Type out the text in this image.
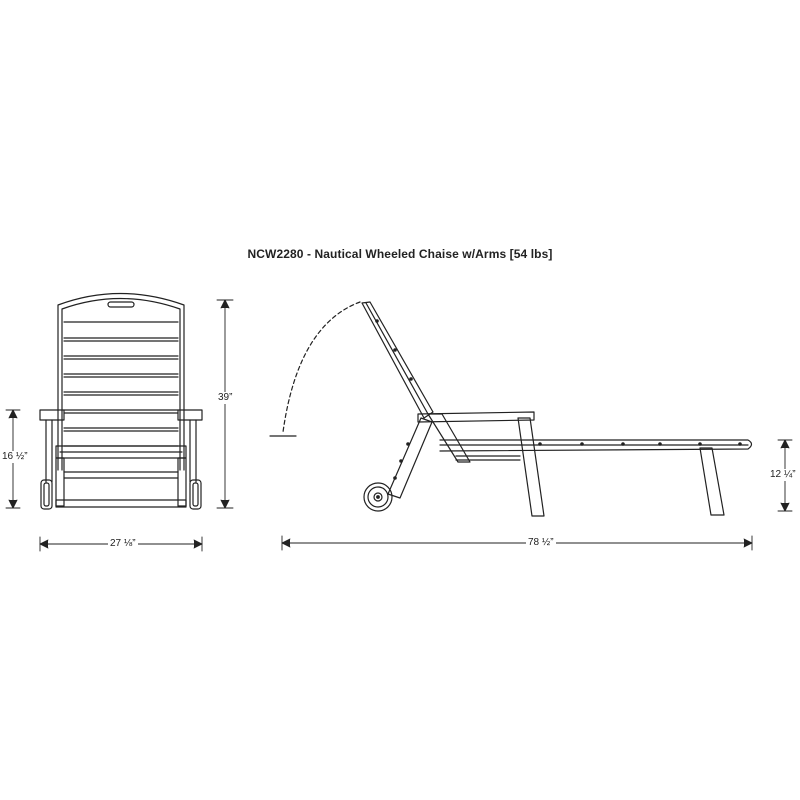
NCW2280 - Nautical Wheeled Chaise w/Arms [54 lbs]
39”
16 ½”
27 ⅛”	78 ½”
12 ¼”
